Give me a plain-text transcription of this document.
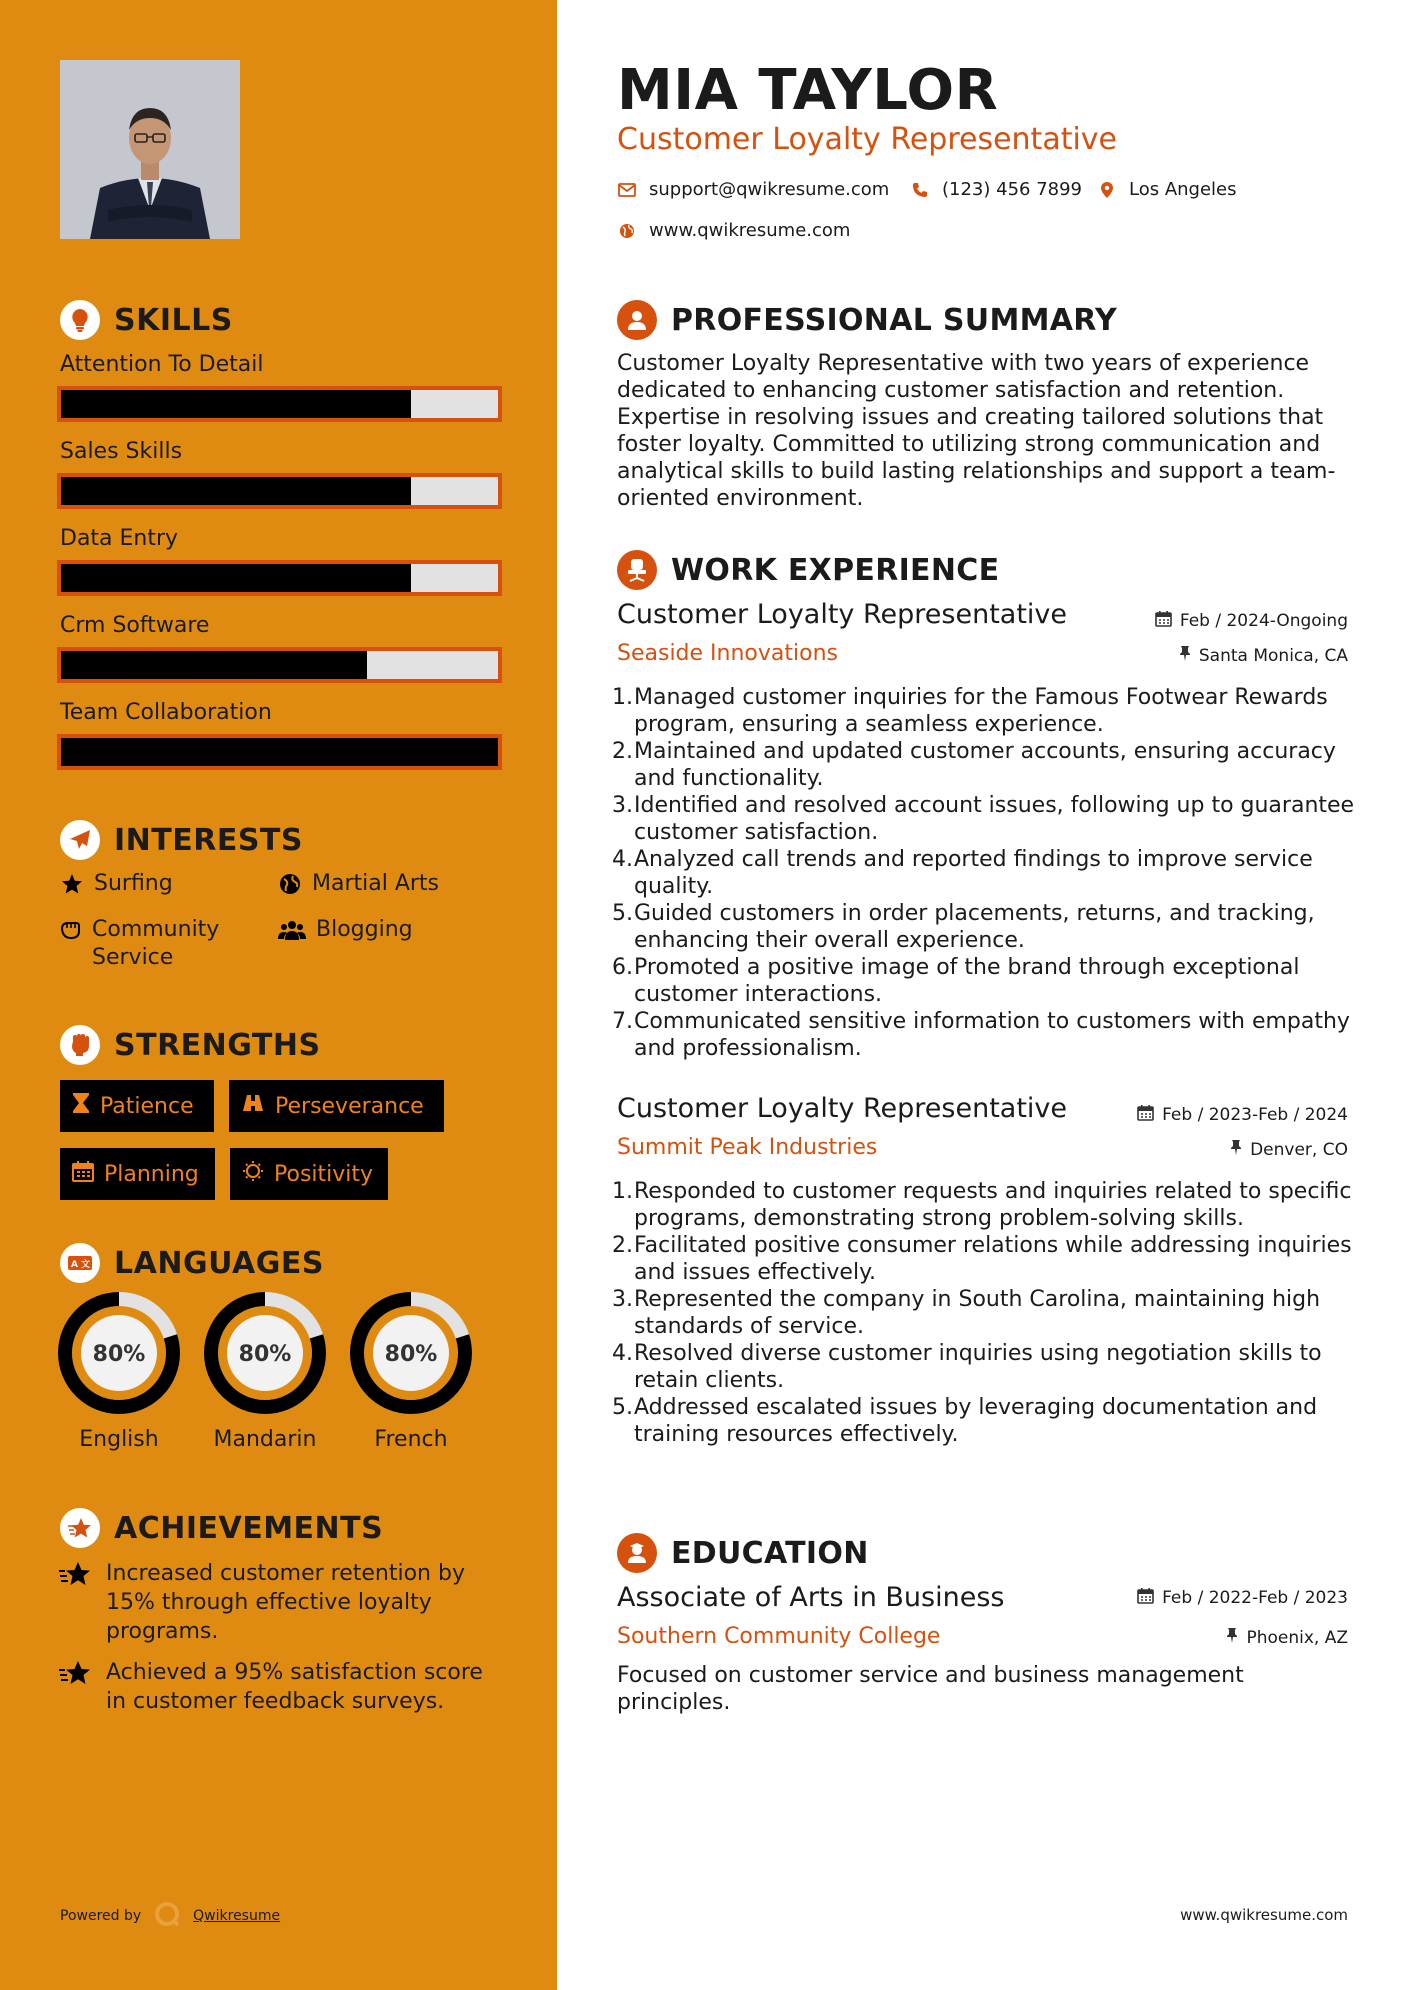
SKILLS
Attention To Detail
Sales Skills
Data Entry
Crm Software
Team Collaboration
INTERESTS
Surfing	Martial Arts
Community Service
Blogging
STRENGTHS
Patience	Perseverance
Planning	Positivity
A 文 LANGUAGES
80%
English
80%
Mandarin
80%
French
ACHIEVEMENTS
Increased customer retention by 15% through effective loyalty programs.
Achieved a 95% satisfaction score in customer feedback surveys.
Powered by	Qwikresume
MIA TAYLOR
Customer Loyalty Representative
support@qwikresume.com	(123) 456 7899	Los Angeles
www.qwikresume.com
PROFESSIONAL SUMMARY
Customer Loyalty Representative with two years of experience dedicated to enhancing customer satisfaction and retention. Expertise in resolving issues and creating tailored solutions that foster loyalty. Committed to utilizing strong communication and analytical skills to build lasting relationships and support a team-oriented environment.
WORK EXPERIENCE
Customer Loyalty Representative
Seaside Innovations
Feb / 2024-Ongoing
Santa Monica, CA
Managed customer inquiries for the Famous Footwear Rewards program, ensuring a seamless experience.
Maintained and updated customer accounts, ensuring accuracy and functionality.
Identified and resolved account issues, following up to guarantee customer satisfaction.
Analyzed call trends and reported findings to improve service quality.
Guided customers in order placements, returns, and tracking, enhancing their overall experience.
Promoted a positive image of the brand through exceptional customer interactions.
Communicated sensitive information to customers with empathy and professionalism.
Customer Loyalty Representative
Summit Peak Industries
Feb / 2023-Feb / 2024
Denver, CO
Responded to customer requests and inquiries related to specific programs, demonstrating strong problem-solving skills.
Facilitated positive consumer relations while addressing inquiries and issues effectively.
Represented the company in South Carolina, maintaining high standards of service.
Resolved diverse customer inquiries using negotiation skills to retain clients.
Addressed escalated issues by leveraging documentation and training resources effectively.
EDUCATION
Associate of Arts in Business
Southern Community College
Feb / 2022-Feb / 2023
Phoenix, AZ
Focused on customer service and business management principles.
www.qwikresume.com
